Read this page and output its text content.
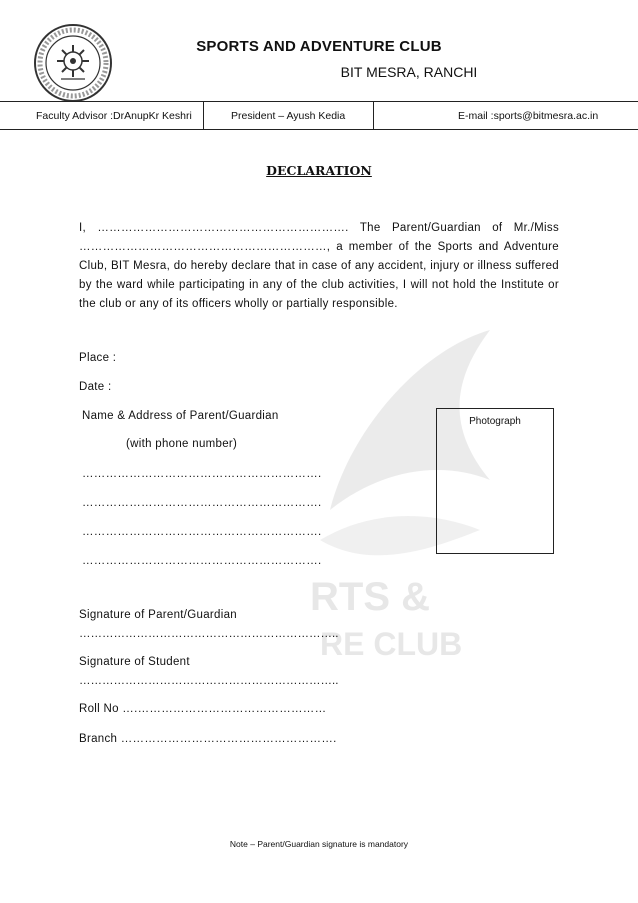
SPORTS AND ADVENTURE CLUB
BIT MESRA, RANCHI
Faculty Advisor :DrAnupKr Keshri	President – Ayush Kedia	E-mail :sports@bitmesra.ac.in
DECLARATION
RTS &
RE CLUB
I, ………………………………………………………. The Parent/Guardian of Mr./Miss ………………………………………………………, a member of the Sports and Adventure Club, BIT Mesra, do hereby declare that in case of any accident, injury or illness suffered by the ward while participating in any of the club activities, I will not hold the Institute or the club or any of its officers wholly or partially responsible.
Place :
Date :
Name & Address of Parent/Guardian
(with phone number)
…………………………………………………….
…………………………………………………….
…………………………………………………….
…………………………………………………….
Photograph
Signature of Parent/Guardian
…………………………………………………………..
Signature of Student
…………………………………………………………..
Roll No ….…………………………………………
Branch ……………………………………………….
Note – Parent/Guardian signature is mandatory
